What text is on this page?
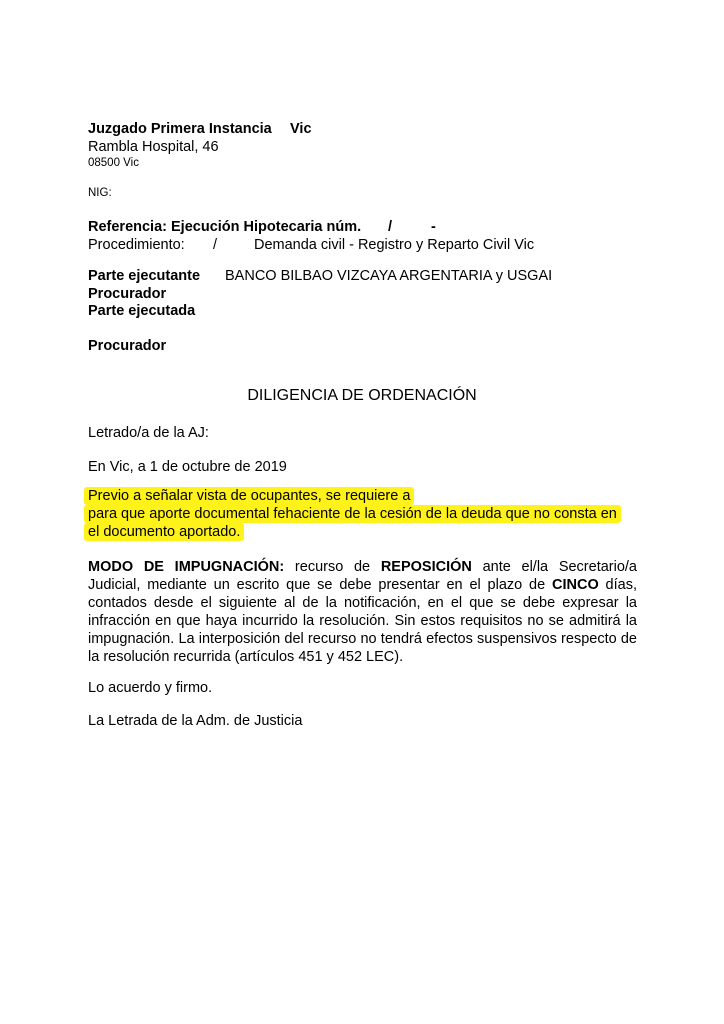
Juzgado Primera Instancia Vic
Rambla Hospital, 46
08500 Vic
NIG:
Referencia: Ejecución Hipotecaria núm. /	-
Procedimiento: /	Demanda civil - Registro y Reparto Civil Vic
Parte ejecutante BANCO BILBAO VIZCAYA ARGENTARIA y USGAI
Procurador
Parte ejecutada
Procurador
DILIGENCIA DE ORDENACIÓN
Letrado/a de la AJ:
En Vic, a 1 de octubre de 2019
Previo a señalar vista de ocupantes, se requiere a
para que aporte documental fehaciente de la cesión de la deuda que no consta en
el documento aportado.

MODO DE IMPUGNACIÓN: recurso de REPOSICIÓN ante el/la Secretario/a Judicial, mediante un escrito que se debe presentar en el plazo de CINCO días, contados desde el siguiente al de la notificación, en el que se debe expresar la infracción en que haya incurrido la resolución. Sin estos requisitos no se admitirá la impugnación. La interposición del recurso no tendrá efectos suspensivos respecto de la resolución recurrida (artículos 451 y 452 LEC).

Lo acuerdo y firmo.
La Letrada de la Adm. de Justicia
